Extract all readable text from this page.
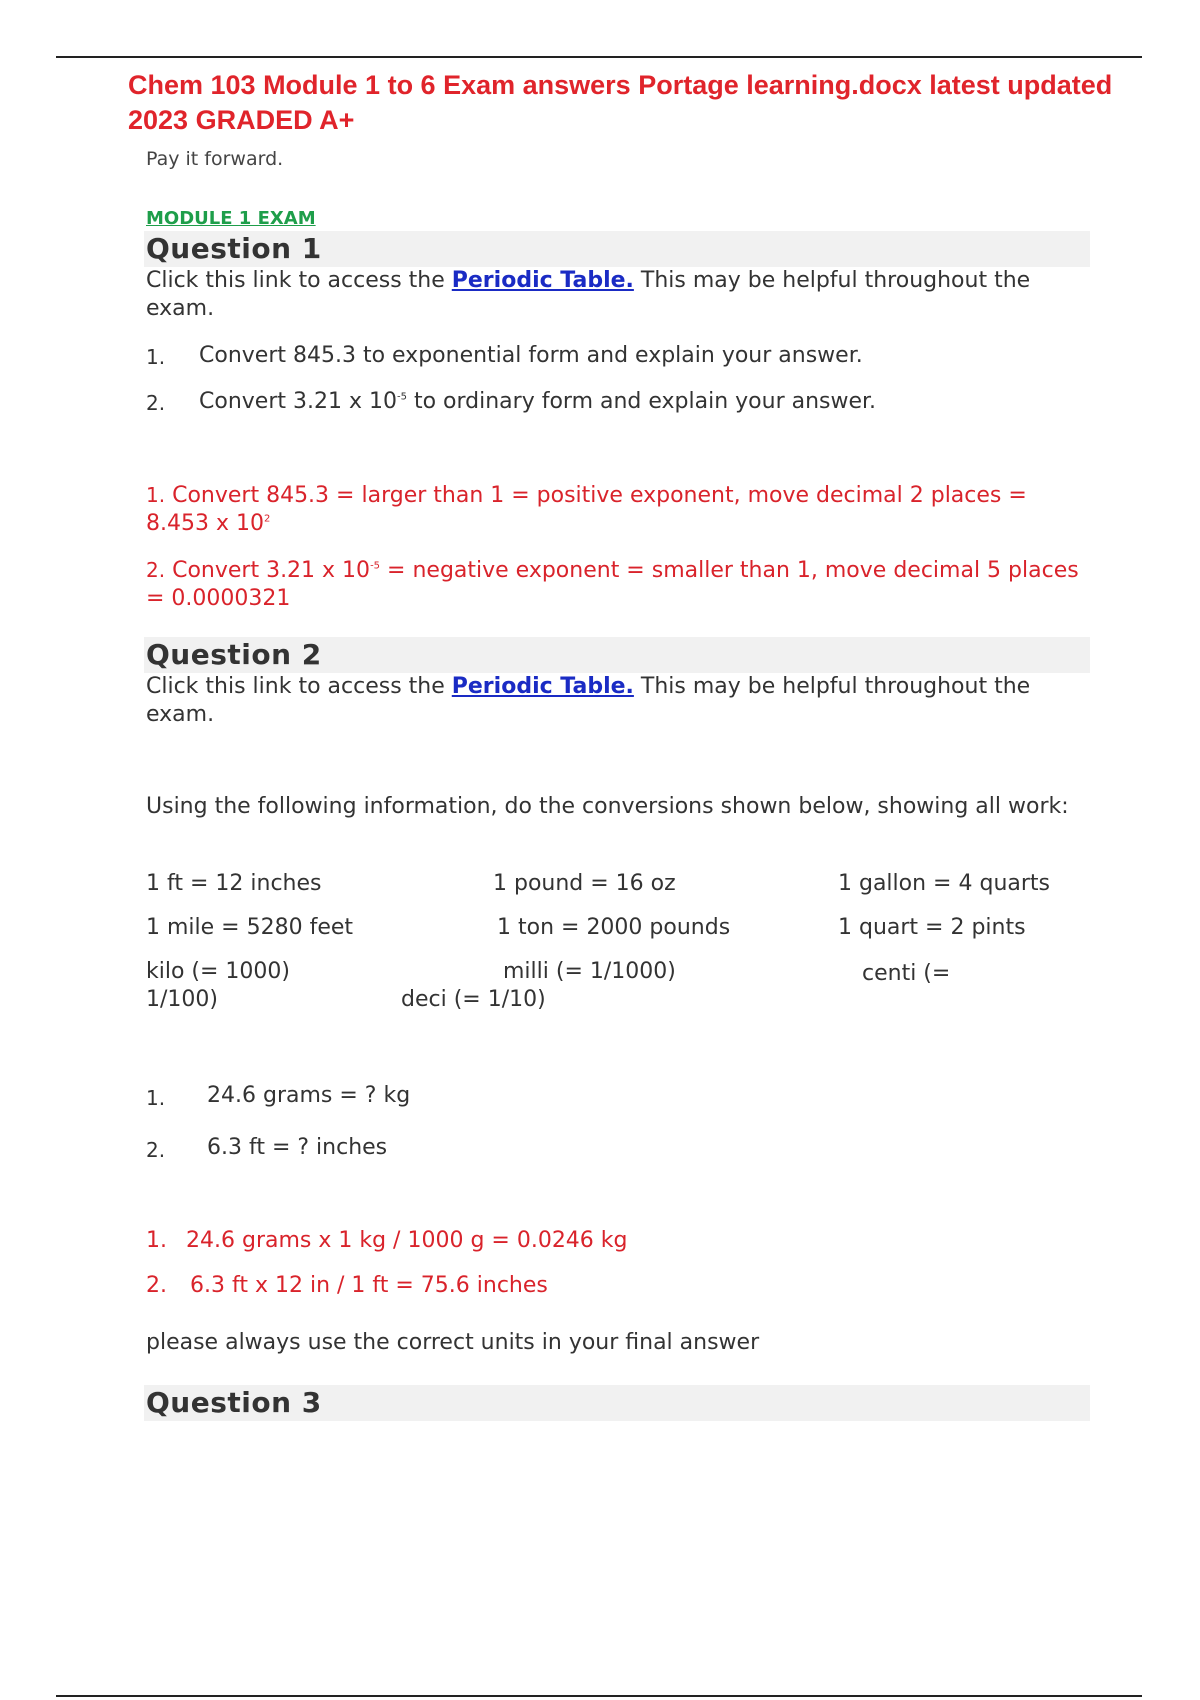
Chem 103 Module 1 to 6 Exam answers Portage learning.docx latest updated 2023 GRADED A+
Pay it forward.
MODULE 1 EXAM
Question 1
Click this link to access the Periodic Table. This may be helpful throughout the exam.
1. Convert 845.3 to exponential form and explain your answer.
2. Convert 3.21 x $10^{-5}$ to ordinary form and explain your answer.
1. Convert 845.3 = larger than 1 = positive exponent, move decimal 2 places = 8.453 x $10^2$
2. Convert 3.21 x $10^{-5}$ = negative exponent = smaller than 1, move decimal 5 places = 0.0000321
Question 2
Click this link to access the Periodic Table. This may be helpful throughout the exam.
Using the following information, do the conversions shown below, showing all work:
1 ft = 12 inches	1 pound = 16 oz	1 gallon = 4 quarts
1 mile = 5280 feet	1 ton = 2000 pounds	1 quart = 2 pints
kilo (= 1000)	milli (= 1/1000)	centi (=
1/100)	deci (= 1/10)
1. 24.6 grams = ? kg
2. 6.3 ft = ? inches
1. 24.6 grams x 1 kg / 1000 g = 0.0246 kg
2. 6.3 ft x 12 in / 1 ft = 75.6 inches
please always use the correct units in your final answer
Question 3
